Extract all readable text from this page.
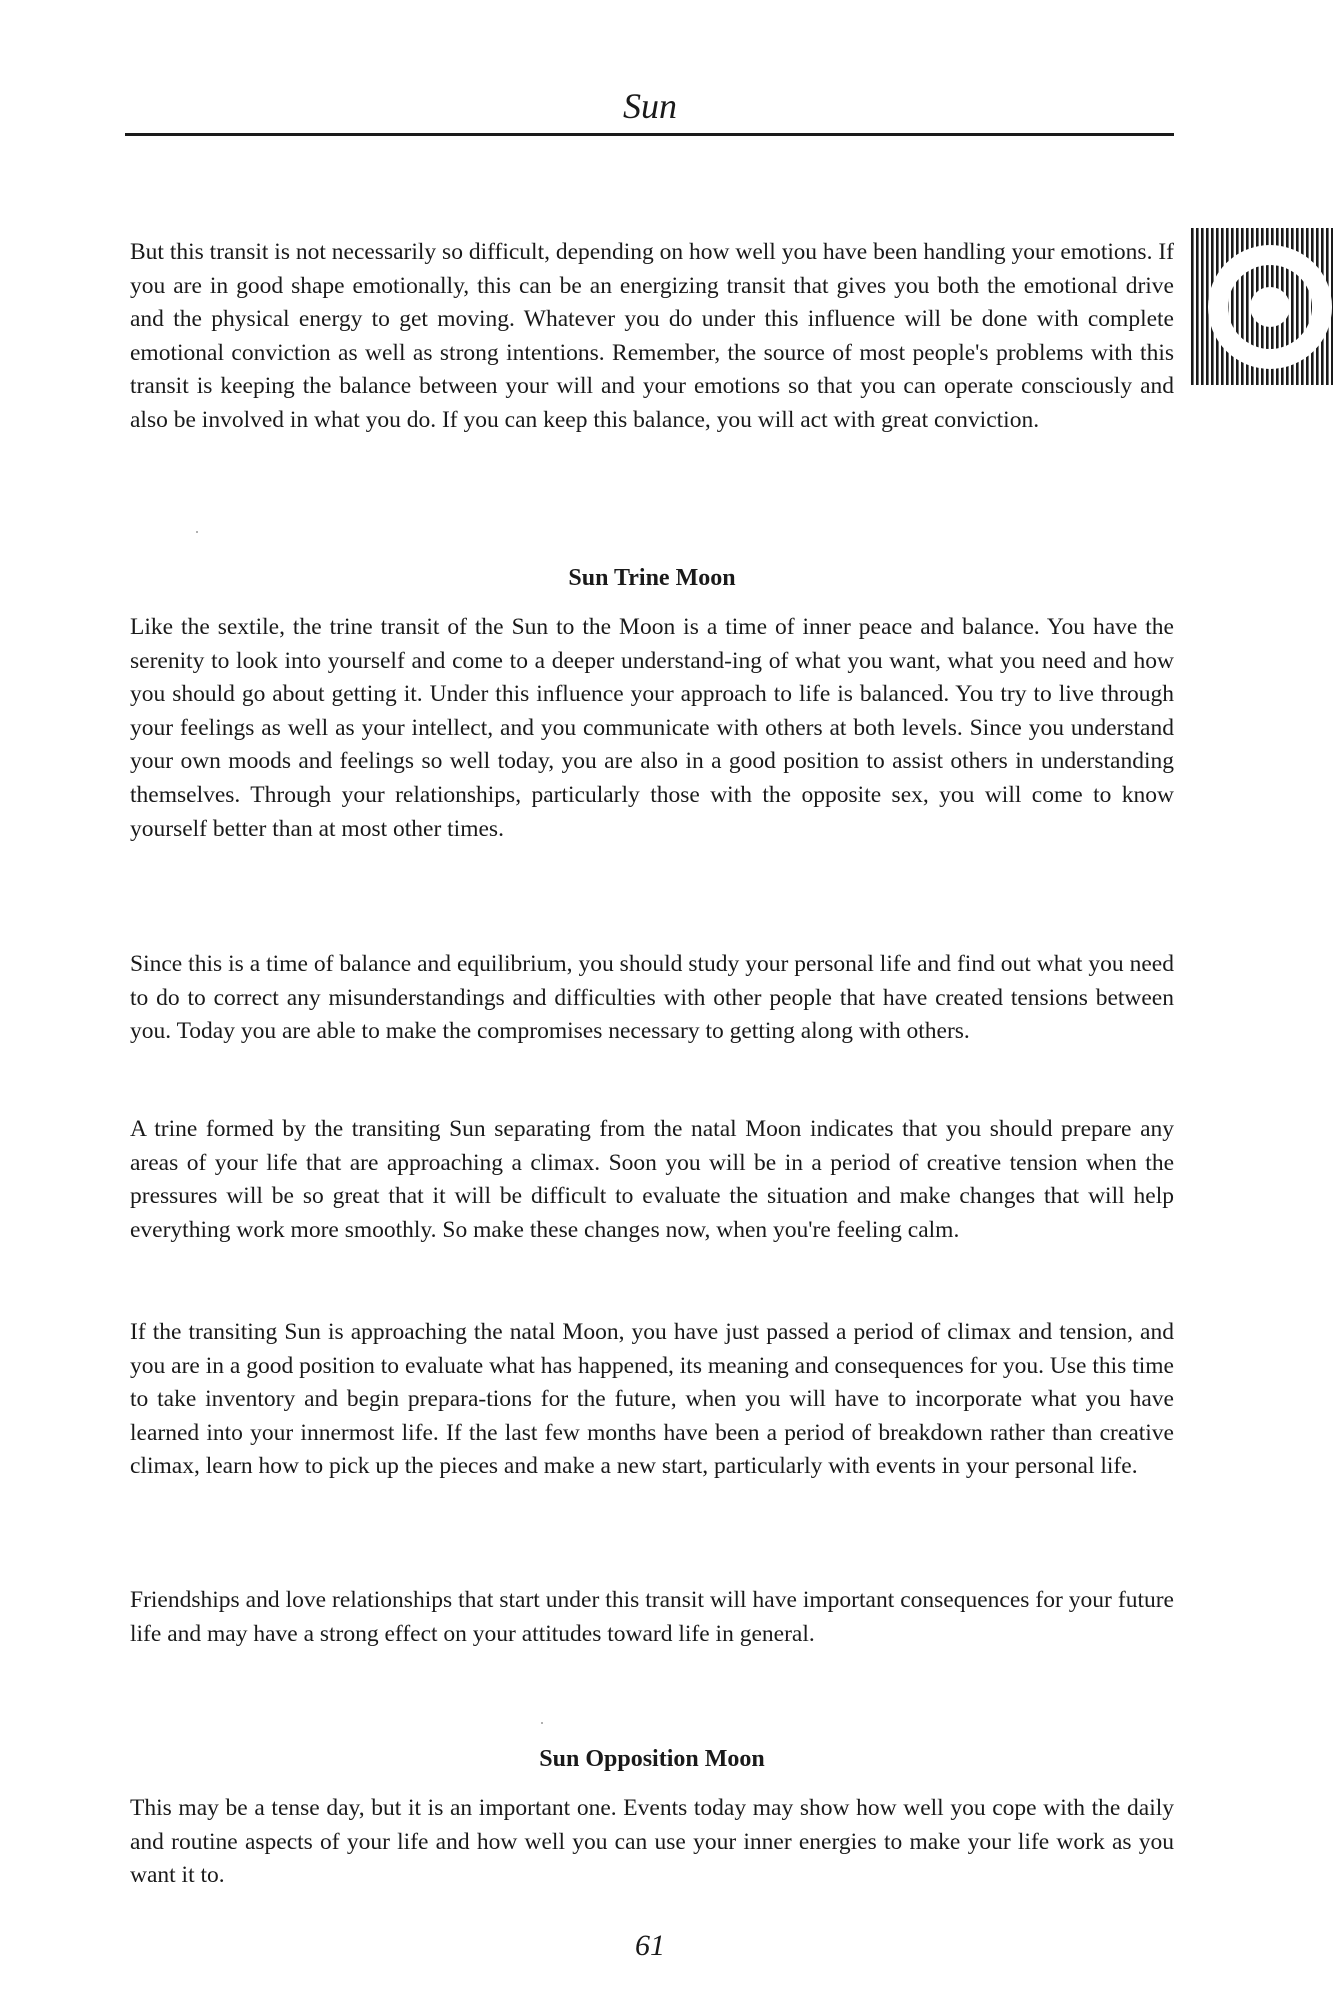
Sun

But this transit is not necessarily so difficult, depending on how well you have been handling your emotions. If you are in good shape emotionally, this can be an energizing transit that gives you both the emotional drive and the physical energy to get moving. Whatever you do under this influence will be done with complete emotional conviction as well as strong intentions. Remember, the source of most people's problems with this transit is keeping the balance between your will and your emotions so that you can operate consciously and also be involved in what you do. If you can keep this balance, you will act with great conviction.

Sun Trine Moon

Like the sextile, the trine transit of the Sun to the Moon is a time of inner peace and balance. You have the serenity to look into yourself and come to a deeper understand-ing of what you want, what you need and how you should go about getting it. Under this influence your approach to life is balanced. You try to live through your feelings as well as your intellect, and you communicate with others at both levels. Since you understand your own moods and feelings so well today, you are also in a good position to assist others in understanding themselves. Through your relationships, particularly those with the opposite sex, you will come to know yourself better than at most other times.

Since this is a time of balance and equilibrium, you should study your personal life and find out what you need to do to correct any misunderstandings and difficulties with other people that have created tensions between you. Today you are able to make the compromises necessary to getting along with others.

A trine formed by the transiting Sun separating from the natal Moon indicates that you should prepare any areas of your life that are approaching a climax. Soon you will be in a period of creative tension when the pressures will be so great that it will be difficult to evaluate the situation and make changes that will help everything work more smoothly. So make these changes now, when you're feeling calm.

If the transiting Sun is approaching the natal Moon, you have just passed a period of climax and tension, and you are in a good position to evaluate what has happened, its meaning and consequences for you. Use this time to take inventory and begin prepara-tions for the future, when you will have to incorporate what you have learned into your innermost life. If the last few months have been a period of breakdown rather than creative climax, learn how to pick up the pieces and make a new start, particularly with events in your personal life.

Friendships and love relationships that start under this transit will have important consequences for your future life and may have a strong effect on your attitudes toward life in general.

Sun Opposition Moon

This may be a tense day, but it is an important one. Events today may show how well you cope with the daily and routine aspects of your life and how well you can use your inner energies to make your life work as you want it to.

61
